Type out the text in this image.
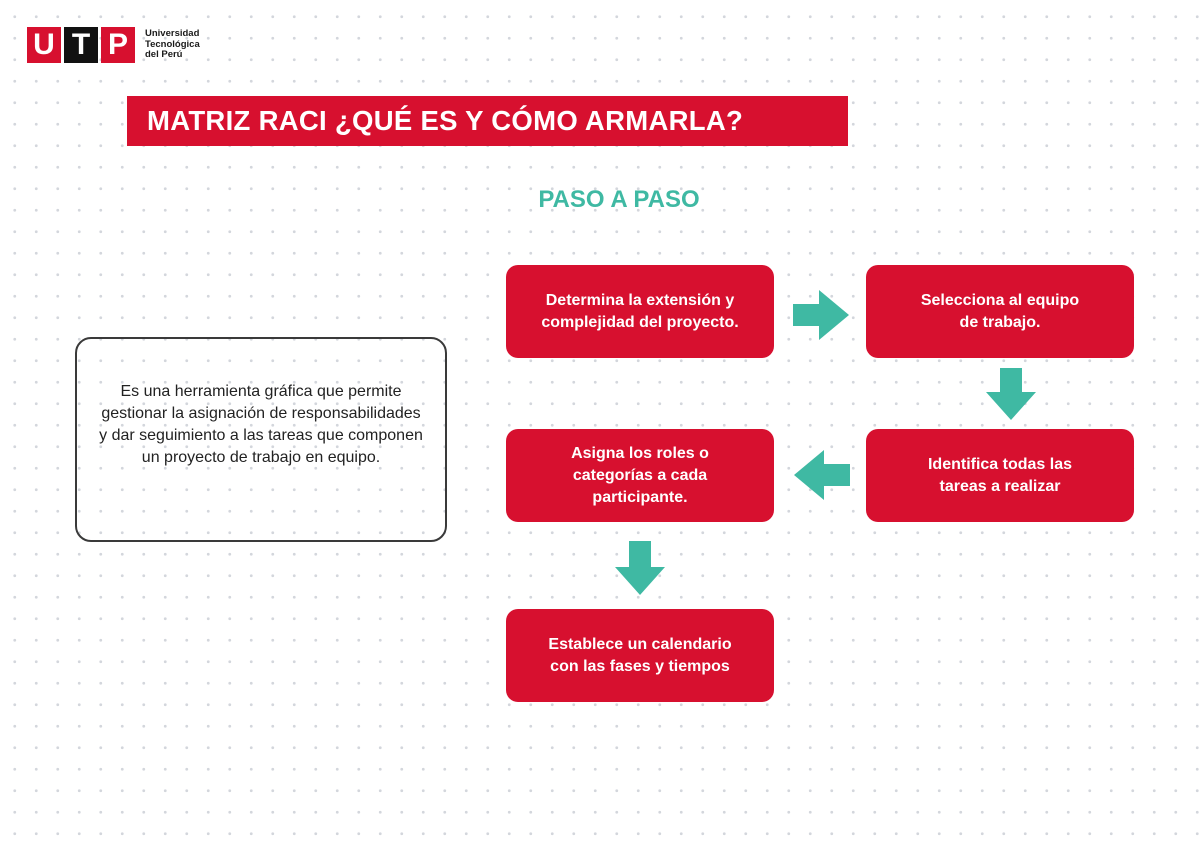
U T P	Universidad
Tecnológica
del Perú
MATRIZ RACI ¿QUÉ ES Y CÓMO ARMARLA?
PASO A PASO
Es una herramienta gráfica que permite gestionar la asignación de responsabilidades y dar seguimiento a las tareas que componen un proyecto de trabajo en equipo.
Determina la extensión y
complejidad del proyecto.
Selecciona al equipo
de trabajo.
Identifica todas las
tareas a realizar
Asigna los roles o
categorías a cada
participante.
Establece un calendario
con las fases y tiempos
